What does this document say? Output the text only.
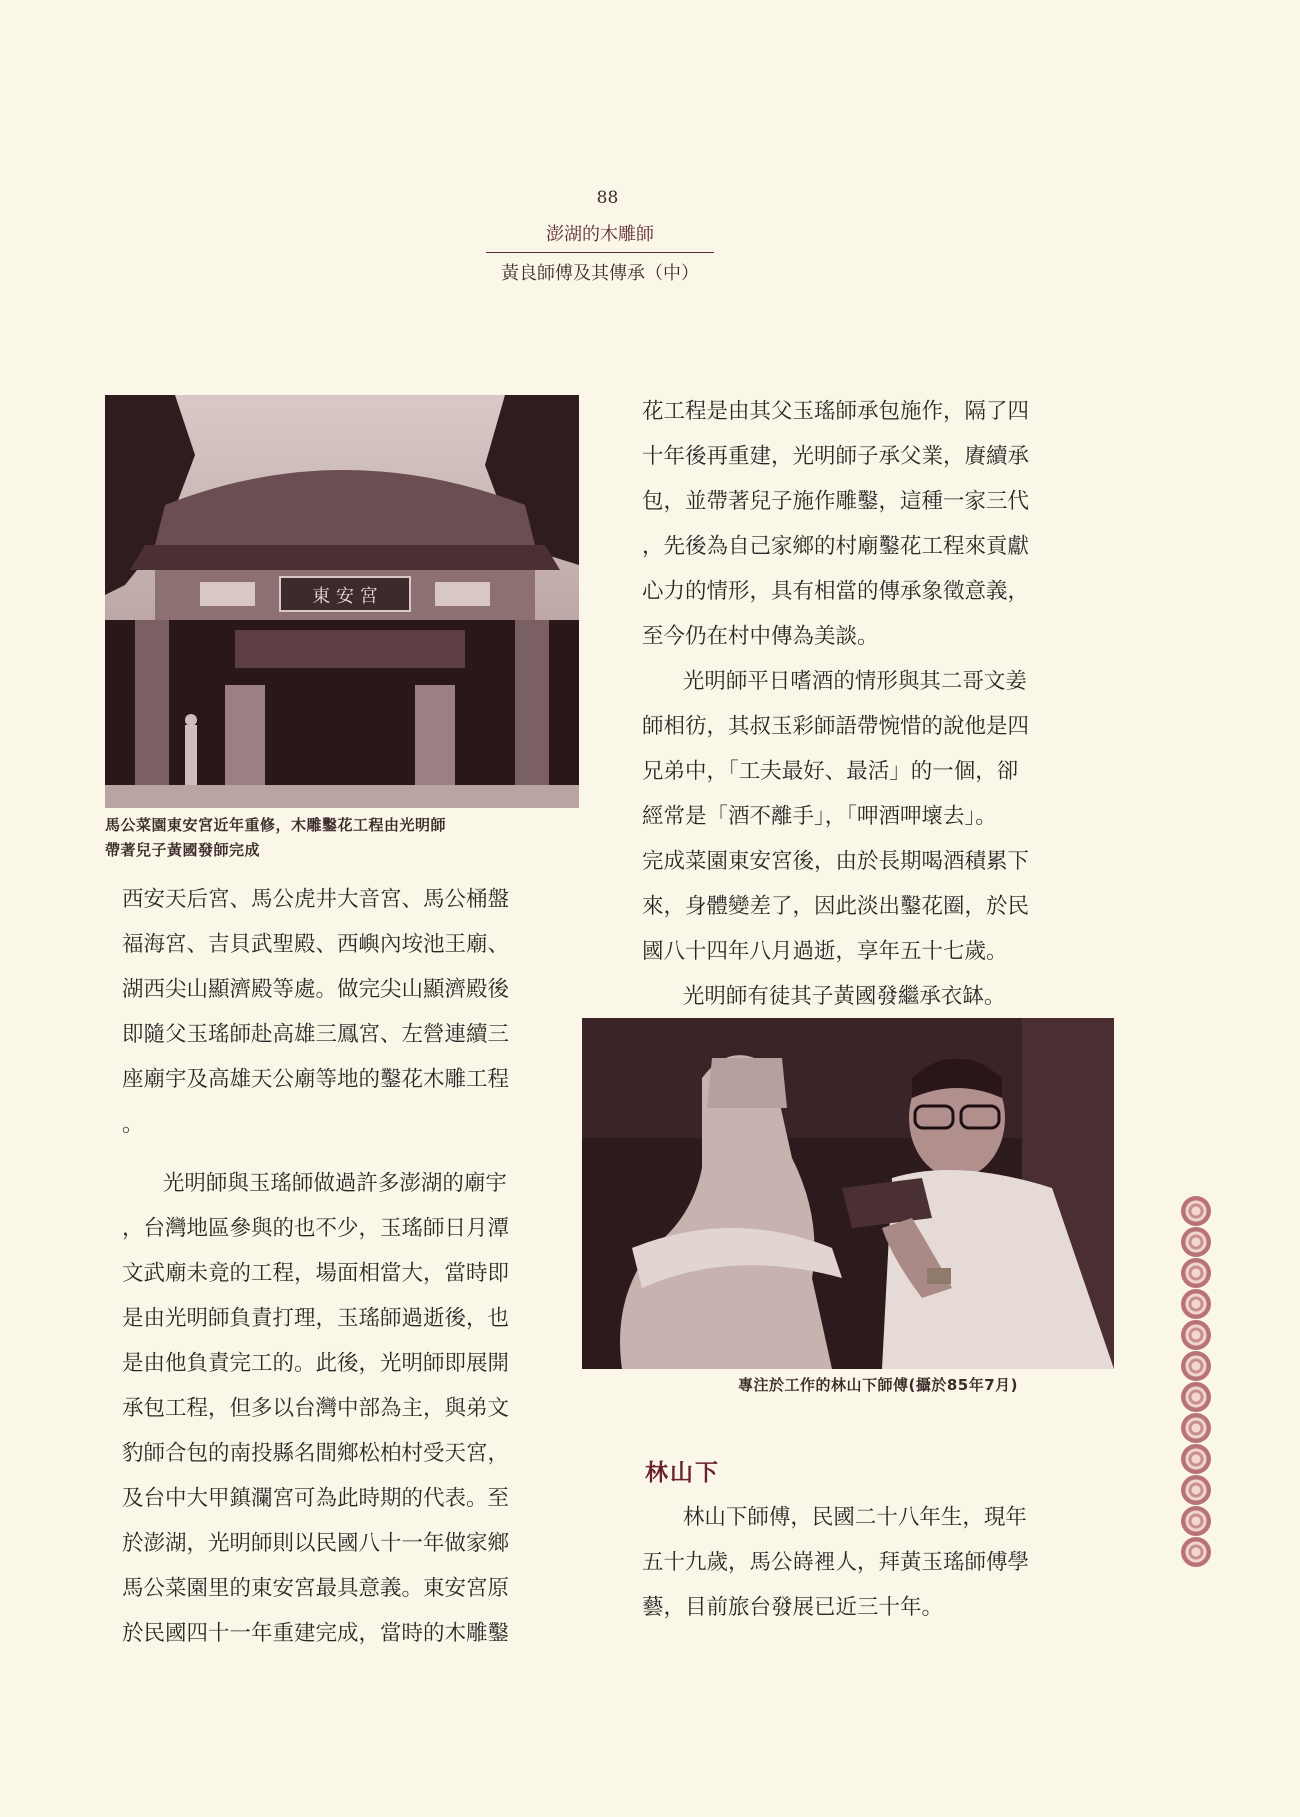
88
澎湖的木雕師
黃良師傅及其傳承（中）
東 安 宮
馬公菜園東安宮近年重修，木雕鑿花工程由光明師
帶著兒子黃國發師完成

西安天后宮、馬公虎井大音宮、馬公桶盤

福海宮、吉貝武聖殿、西嶼內垵池王廟、

湖西尖山顯濟殿等處。做完尖山顯濟殿後

即隨父玉瑤師赴高雄三鳳宮、左營連續三

座廟宇及高雄天公廟等地的鑿花木雕工程

。

光明師與玉瑤師做過許多澎湖的廟宇

，台灣地區參與的也不少，玉瑤師日月潭

文武廟未竟的工程，場面相當大，當時即

是由光明師負責打理，玉瑤師過逝後，也

是由他負責完工的。此後，光明師即展開

承包工程，但多以台灣中部為主，與弟文

豹師合包的南投縣名間鄉松柏村受天宮，

及台中大甲鎮瀾宮可為此時期的代表。至

於澎湖，光明師則以民國八十一年做家鄉

馬公菜園里的東安宮最具意義。東安宮原

於民國四十一年重建完成，當時的木雕鑿

花工程是由其父玉瑤師承包施作，隔了四

十年後再重建，光明師子承父業，賡續承

包，並帶著兒子施作雕鑿，這種一家三代

，先後為自己家鄉的村廟鑿花工程來貢獻

心力的情形，具有相當的傳承象徵意義，

至今仍在村中傳為美談。

光明師平日嗜酒的情形與其二哥文姜

師相彷，其叔玉彩師語帶惋惜的說他是四

兄弟中，「工夫最好、最活」的一個，卻

經常是「酒不離手」，「呷酒呷壞去」。

完成菜園東安宮後，由於長期喝酒積累下

來，身體變差了，因此淡出鑿花圈，於民

國八十四年八月過逝，享年五十七歲。

光明師有徒其子黃國發繼承衣缽。

專注於工作的林山下師傅(攝於85年7月)
林山下

林山下師傅，民國二十八年生，現年

五十九歲，馬公嵵裡人，拜黃玉瑤師傅學

藝，目前旅台發展已近三十年。
